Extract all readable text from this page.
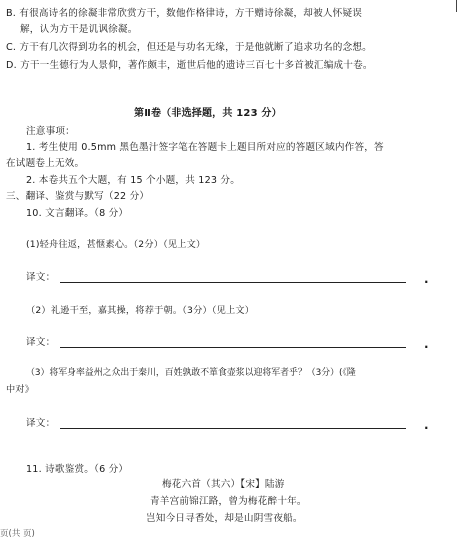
B. 有很高诗名的徐凝非常欣赏方干，数他作格律诗，方干赠诗徐凝，却被人怀疑误
解，认为方干是讥讽徐凝。
C. 方干有几次得到功名的机会，但还是与功名无缘，于是他就断了追求功名的念想。
D. 方干一生德行为人景仰，著作颇丰，逝世后他的遗诗三百七十多首被汇编成十卷。
第Ⅱ卷（非选择题，共 123 分）
注意事项：
1. 考生使用 0.5mm 黑色墨汁签字笔在答题卡上题目所对应的答题区域内作答，答
在试题卷上无效。
2. 本卷共五个大题，有 15 个小题，共 123 分。
三、翻译、鉴赏与默写（22 分）
10. 文言翻译。（8 分）
(1)轻舟往返，甚惬素心。（2分）（见上文）
译文：	.
（2）礼逊干至，嘉其操，将荐于朝。（3分）（见上文）
译文：	.
（3）将军身率益州之众出于秦川，百姓孰敢不箪食壶浆以迎将军者乎？（3分）(《隆
中对》
译文：	.
11. 诗歌鉴赏。（6 分）
梅花六首（其六）【宋】陆游
青羊宫前锦江路，曾为梅花醉十年。
岂知今日寻香处，却是山阴雪夜船。
页(共 页)
